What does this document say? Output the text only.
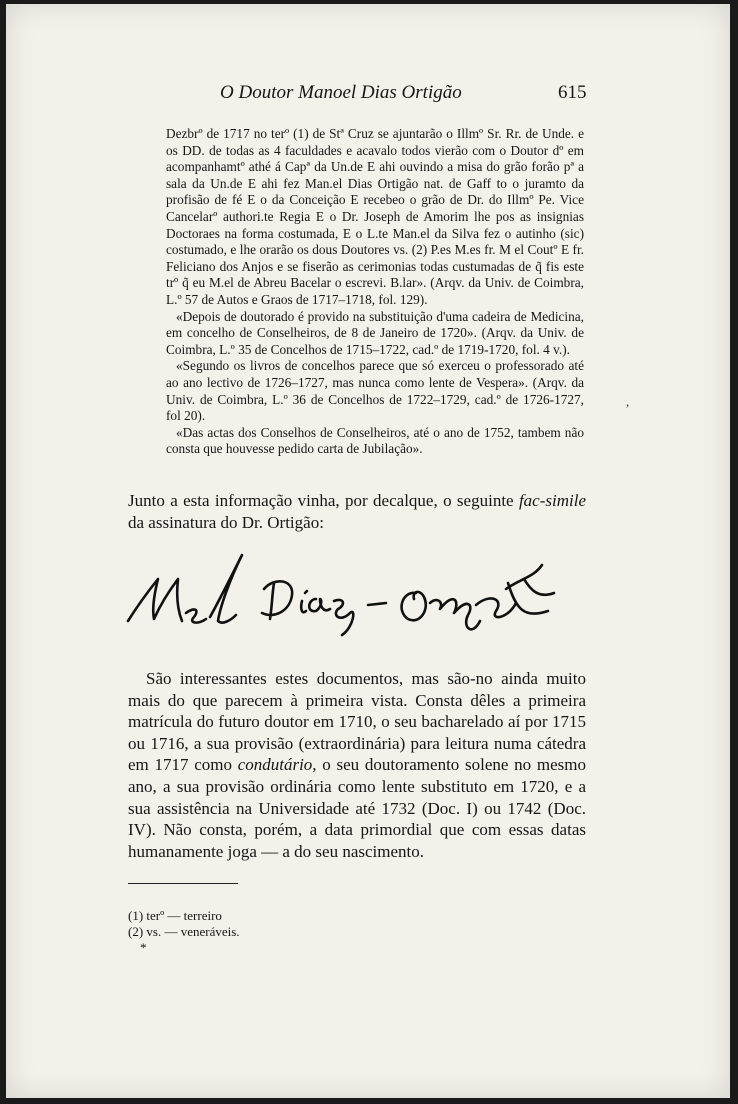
O Doutor Manoel Dias Ortigão	615

Dezbrº de 1717 no terº (1) de Stª Cruz se ajuntarão o Illmº Sr. Rr. de Unde. e os DD. de todas as 4 faculdades e acavalo todos vierão com o Doutor dº em acompanhamtº athé á Capª da Un.de E ahi ouvindo a misa do grão forão pª a sala da Un.de E ahi fez Man.el Dias Ortigão nat. de Gaff to o juramto da profisão de fé E o da Conceição E recebeo o grão de Dr. do Illmº Pe. Vice Cancelarº authori.te Regia E o Dr. Joseph de Amorim lhe pos as insignias Doctoraes na forma costumada, E o L.te Man.el da Silva fez o autinho (sic) costumado, e lhe orarão os dous Doutores vs. (2) P.es M.es fr. M el Coutº E fr. Feliciano dos Anjos e se fiserão as cerimonias todas custumadas de q̃ fis este trº q̃ eu M.el de Abreu Bacelar o escrevi. B.lar». (Arqv. da Univ. de Coimbra, L.º 57 de Autos e Graos de 1717–1718, fol. 129).

«Depois de doutorado é provido na substituição d'uma cadeira de Medicina, em concelho de Conselheiros, de 8 de Janeiro de 1720». (Arqv. da Univ. de Coimbra, L.º 35 de Concelhos de 1715–1722, cad.º de 1719-1720, fol. 4 v.).

«Segundo os livros de concelhos parece que só exerceu o professorado até ao ano lectivo de 1726–1727, mas nunca como lente de Vespera». (Arqv. da Univ. de Coimbra, L.º 36 de Concelhos de 1722–1729, cad.º de 1726-1727, fol 20).

«Das actas dos Conselhos de Conselheiros, até o ano de 1752, tambem não consta que houvesse pedido carta de Jubilação».

Junto a esta informação vinha, por decalque, o seguinte fac-simile da assinatura do Dr. Ortigão:

São interessantes estes documentos, mas são-no ainda muito mais do que parecem à primeira vista. Consta dêles a primeira matrícula do futuro doutor em 1710, o seu bacharelado aí por 1715 ou 1716, a sua provisão (extraordinária) para leitura numa cátedra em 1717 como condutário, o seu doutoramento solene no mesmo ano, a sua provisão ordinária como lente substituto em 1720, e a sua assistência na Universidade até 1732 (Doc. I) ou 1742 (Doc. IV). Não consta, porém, a data primordial que com essas datas humanamente joga — a do seu nascimento.

(1) terº — terreiro
(2) vs. — veneráveis.
*
,
